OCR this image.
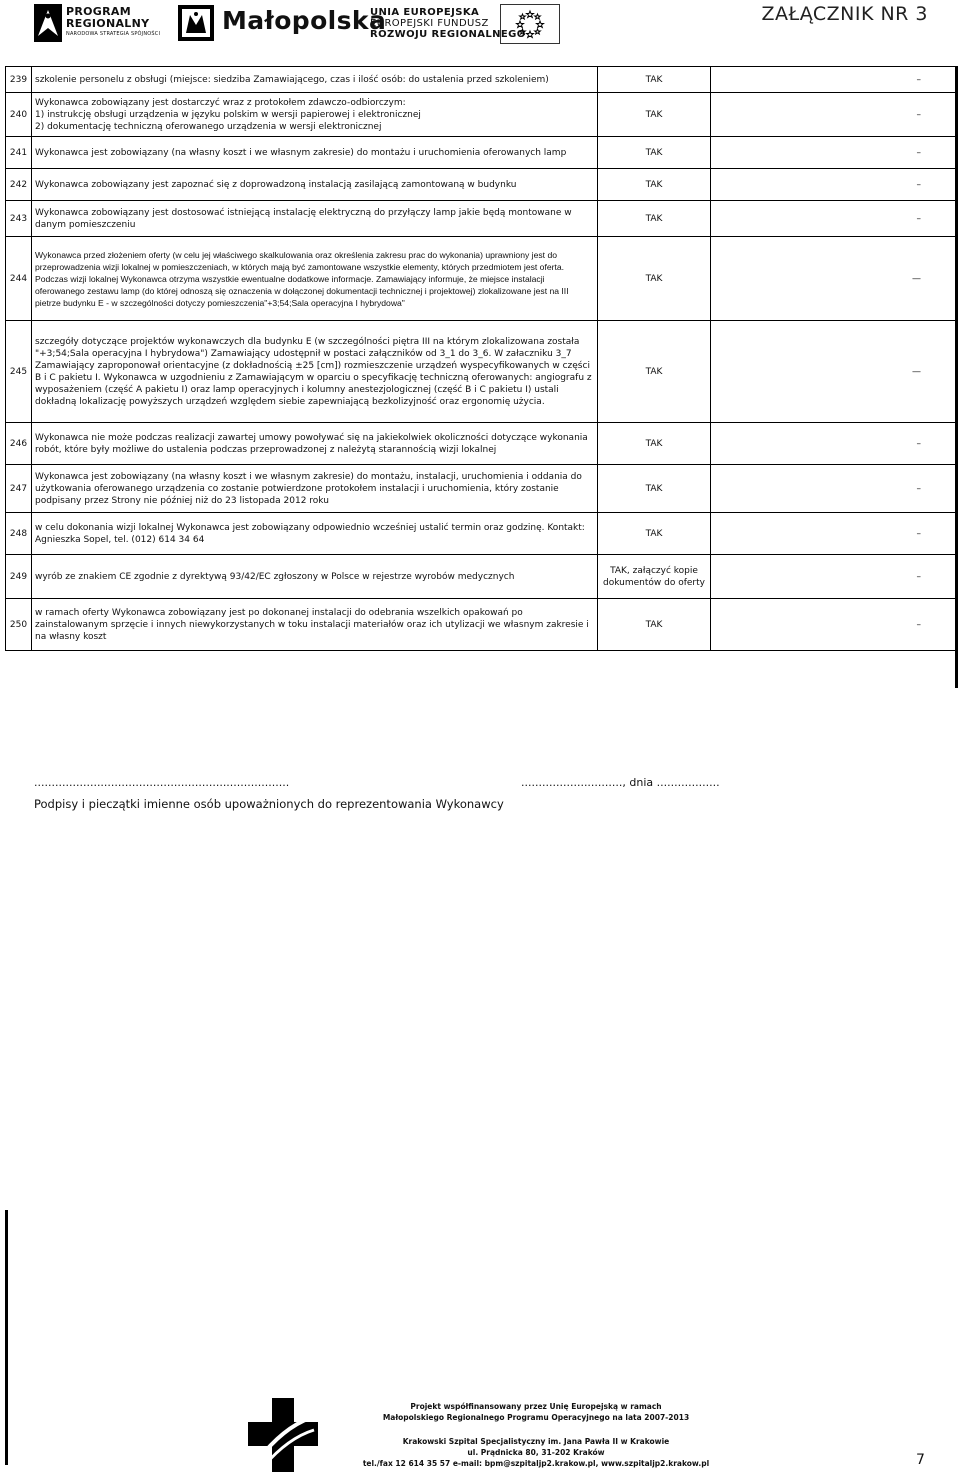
PROGRAM
REGIONALNY
NARODOWA STRATEGIA SPÓJNOŚCI Małopolska
UNIA EUROPEJSKA
EUROPEJSKI FUNDUSZ
ROZWOJU REGIONALNEGO
ZAŁĄCZNIK NR 3
239	szkolenie personelu z obsługi (miejsce: siedziba Zamawiającego, czas i ilość osób: do ustalenia przed szkoleniem)	TAK	–
240	Wykonawca zobowiązany jest dostarczyć wraz z protokołem zdawczo-odbiorczym:
1) instrukcję obsługi urządzenia w języku polskim w wersji papierowej i elektronicznej
2) dokumentację techniczną oferowanego urządzenia w wersji elektronicznej	TAK	–
241	Wykonawca jest zobowiązany (na własny koszt i we własnym zakresie) do montażu i uruchomienia oferowanych lamp	TAK	–
242	Wykonawca zobowiązany jest zapoznać się z doprowadzoną instalacją zasilającą zamontowaną w budynku	TAK	–
243	Wykonawca zobowiązany jest dostosować istniejącą instalację elektryczną do przyłączy lamp jakie będą montowane w danym pomieszczeniu	TAK	–
244	Wykonawca przed złożeniem oferty (w celu jej właściwego skalkulowania oraz określenia zakresu prac do wykonania) uprawniony jest do przeprowadzenia wizji lokalnej w pomieszczeniach, w których mają być zamontowane wszystkie elementy, których przedmiotem jest oferta. Podczas wizji lokalnej Wykonawca otrzyma wszystkie ewentualne dodatkowe informacje. Zamawiający informuje, że miejsce instalacji oferowanego zestawu lamp (do której odnoszą się oznaczenia w dołączonej dokumentacji technicznej i projektowej) zlokalizowane jest na III pietrze budynku E - w szczególności dotyczy pomieszczenia"+3;54;Sala operacyjna I hybrydowa"	TAK	—
245	szczegóły dotyczące projektów wykonawczych dla budynku E (w szczególności piętra III na którym zlokalizowana została "+3;54;Sala operacyjna I hybrydowa") Zamawiający udostępnił w postaci załączników od 3_1 do 3_6. W załaczniku 3_7 Zamawiający zaproponował orientacyjne (z dokładnością ±25 [cm]) rozmieszczenie urządzeń wyspecyfikowanych w części B i C pakietu I. Wykonawca w uzgodnieniu z Zamawiającym w oparciu o specyfikację techniczną oferowanych: angiografu z wyposażeniem (część A pakietu I) oraz lamp operacyjnych i kolumny anestezjologicznej (część B i C pakietu I) ustali dokładną lokalizację powyższych urządzeń względem siebie zapewniającą bezkolizyjność oraz ergonomię użycia.	TAK	—
246	Wykonawca nie może podczas realizacji zawartej umowy powoływać się na jakiekolwiek okoliczności dotyczące wykonania robót, które były możliwe do ustalenia podczas przeprowadzonej z należytą starannością wizji lokalnej	TAK	–
247	Wykonawca jest zobowiązany (na własny koszt i we własnym zakresie) do montażu, instalacji, uruchomienia i oddania do użytkowania oferowanego urządzenia co zostanie potwierdzone protokołem instalacji i uruchomienia, który zostanie podpisany przez Strony nie później niż do 23 listopada 2012 roku	TAK	–
248	w celu dokonania wizji lokalnej Wykonawca jest zobowiązany odpowiednio wcześniej ustalić termin oraz godzinę. Kontakt: Agnieszka Sopel, tel. (012) 614 34 64	TAK	–
249	wyrób ze znakiem CE zgodnie z dyrektywą 93/42/EC zgłoszony w Polsce w rejestrze wyrobów medycznych	TAK, załączyć kopie dokumentów do oferty	–
250	w ramach oferty Wykonawca zobowiązany jest po dokonanej instalacji do odebrania wszelkich opakowań po zainstalowanym sprzęcie i innych niewykorzystanych w toku instalacji materiałów oraz ich utylizacji we własnym zakresie i na własny koszt	TAK	–
.........................................................................	............................., dnia ..................
Podpisy i pieczątki imienne osób upoważnionych do reprezentowania Wykonawcy
Projekt współfinansowany przez Unię Europejską w ramach
Małopolskiego Regionalnego Programu Operacyjnego na lata 2007-2013
Krakowski Szpital Specjalistyczny im. Jana Pawła II w Krakowie
ul. Prądnicka 80, 31-202 Kraków
tel./fax 12 614 35 57 e-mail: bpm@szpitaljp2.krakow.pl, www.szpitaljp2.krakow.pl	7
